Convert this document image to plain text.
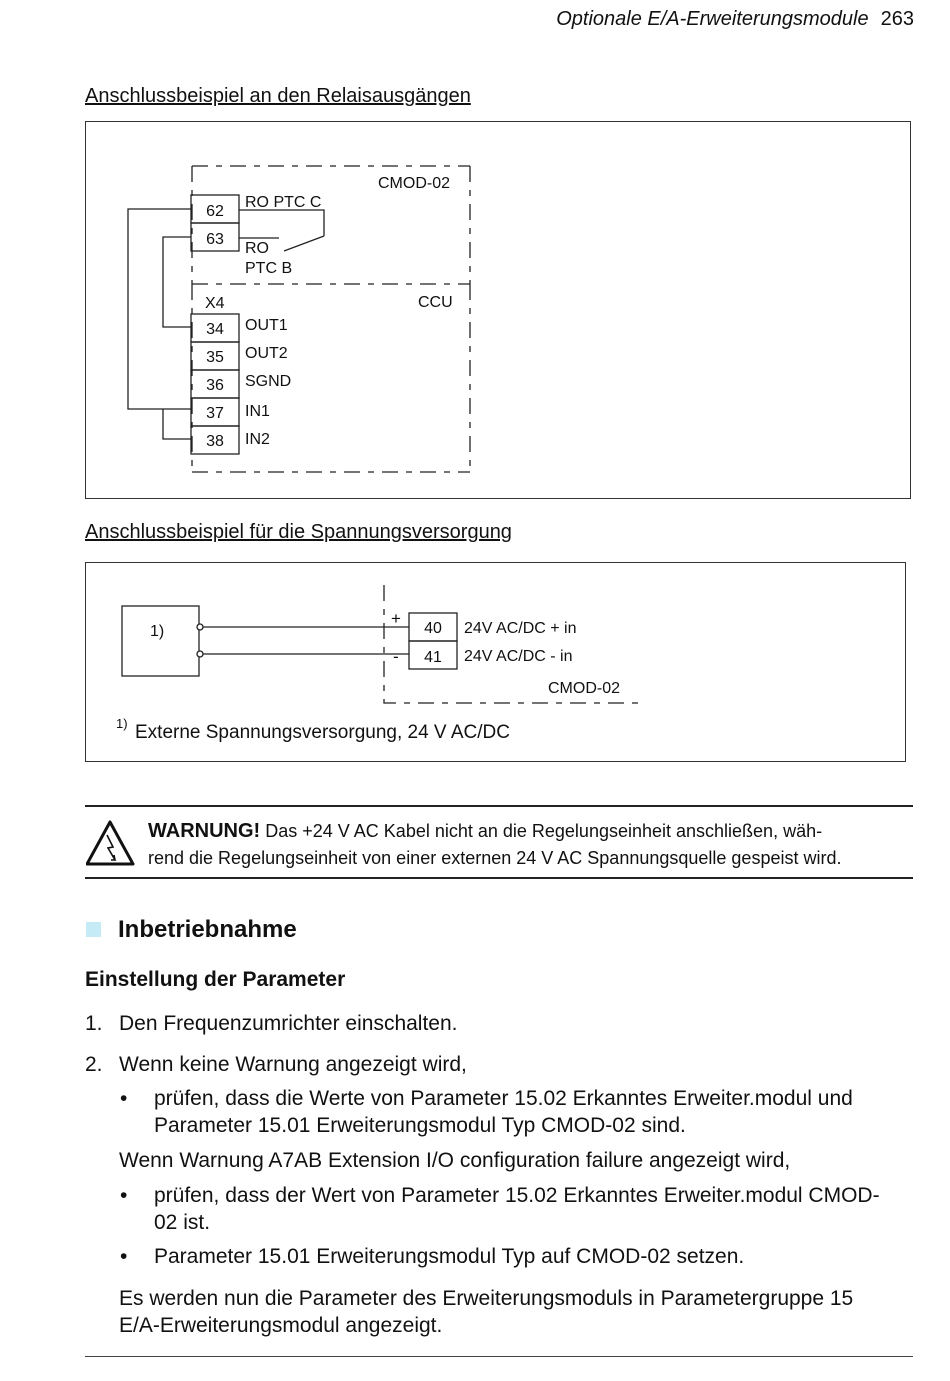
Optionale E/A-Erweiterungsmodule 263
Anschlussbeispiel an den Relaisausgängen
CMOD-02
62
RO PTC C
63
RO
PTC B
X4	CCU
34 OUT1
35 OUT2
36 SGND
37 IN1
38 IN2
Anschlussbeispiel für die Spannungsversorgung
1)
+
-
40 24V AC/DC + in
41 24V AC/DC - in
CMOD-02
1) Externe Spannungsversorgung, 24 V AC/DC
WARNUNG! Das +24 V AC Kabel nicht an die Regelungseinheit anschließen, wäh-
rend die Regelungseinheit von einer externen 24 V AC Spannungsquelle gespeist wird.
Inbetriebnahme
Einstellung der Parameter
1. Den Frequenzumrichter einschalten.
2. Wenn keine Warnung angezeigt wird,
• prüfen, dass die Werte von Parameter 15.02 Erkanntes Erweiter.modul und
Parameter 15.01 Erweiterungsmodul Typ CMOD-02 sind.
Wenn Warnung A7AB Extension I/O configuration failure angezeigt wird,
• prüfen, dass der Wert von Parameter 15.02 Erkanntes Erweiter.modul CMOD-
02 ist.
• Parameter 15.01 Erweiterungsmodul Typ auf CMOD-02 setzen.
Es werden nun die Parameter des Erweiterungsmoduls in Parametergruppe 15
E/A-Erweiterungsmodul angezeigt.
